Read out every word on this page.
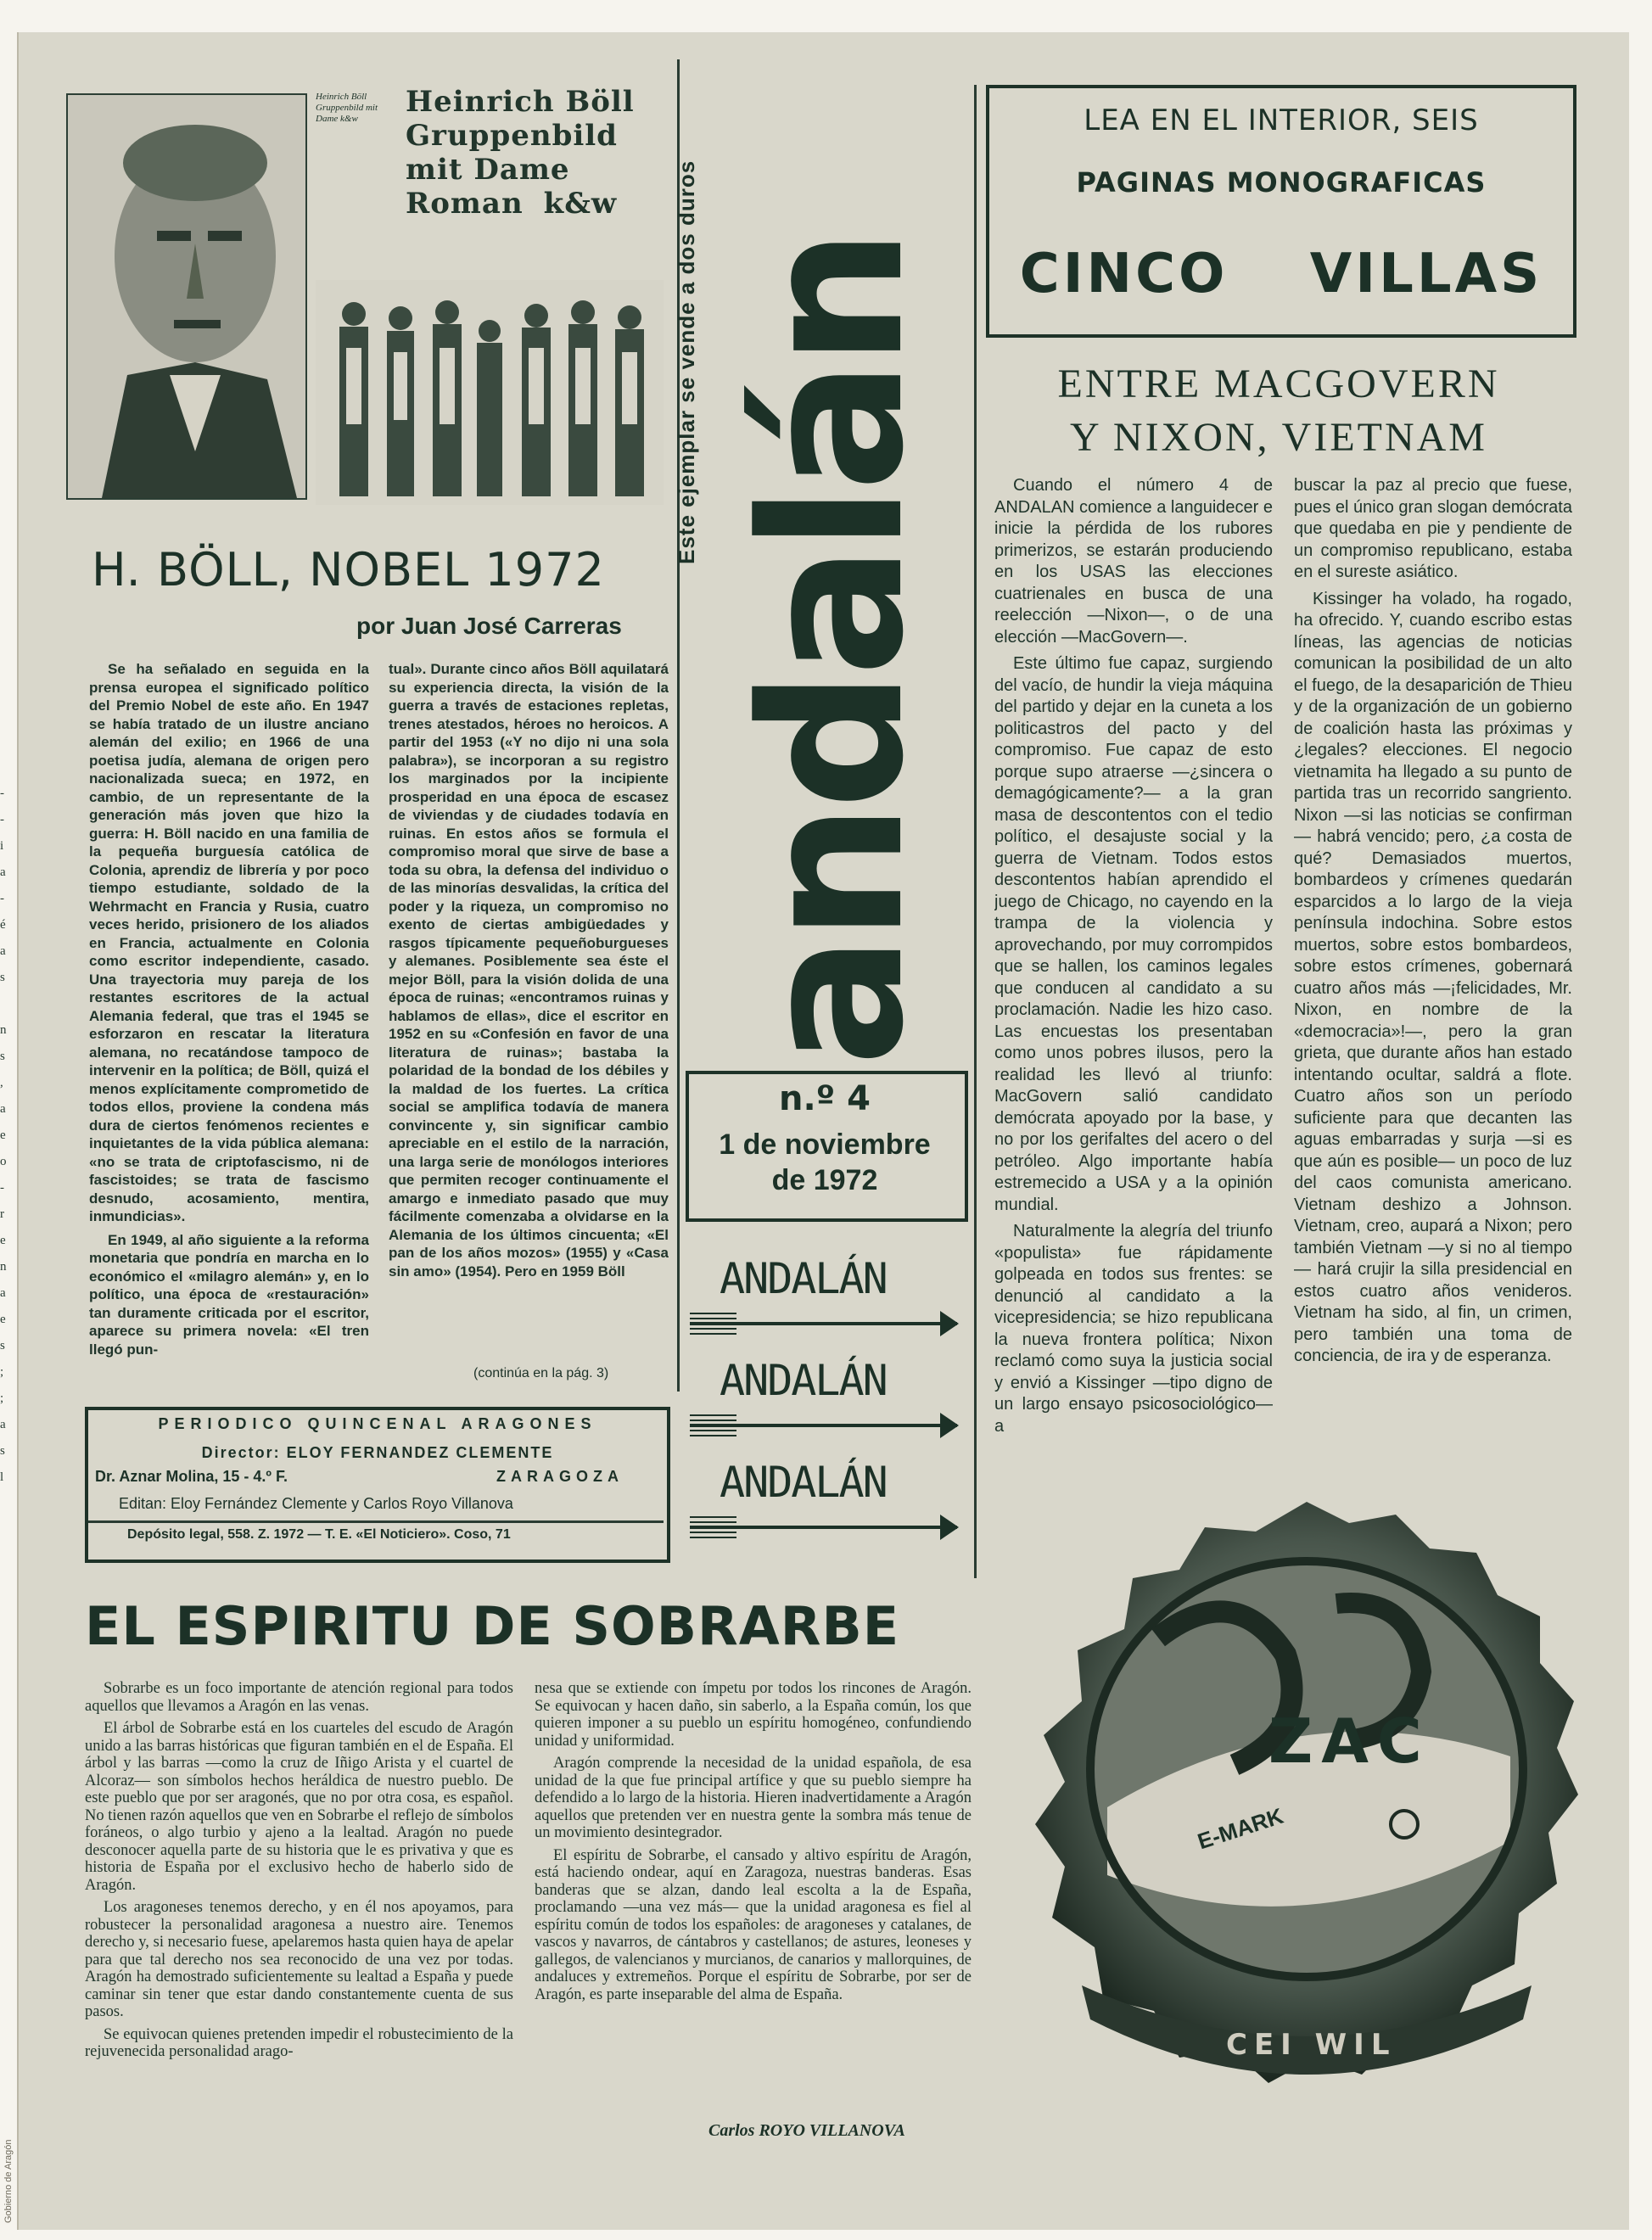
-
-
i
a
-
é
a
s

n
s
,
a
e
o
-
r
e
n
a
e
s
;
;
a
s
l
Gobierno de Aragón
Heinrich Böll Gruppenbild mit Dame k&w	Heinrich Böll
Gruppenbild
mit Dame
Roman k&w
H. BÖLL, NOBEL 1972
por Juan José Carreras

Se ha señalado en seguida en la prensa europea el significado político del Premio Nobel de este año. En 1947 se había tratado de un ilustre anciano alemán del exilio; en 1966 de una poetisa judía, alemana de origen pero nacionalizada sueca; en 1972, en cambio, de un representante de la generación más joven que hizo la guerra: H. Böll nacido en una familia de la pequeña burguesía católica de Colonia, aprendiz de librería y por poco tiempo estudiante, soldado de la Wehrmacht en Francia y Rusia, cuatro veces herido, prisionero de los aliados en Francia, actualmente en Colonia como escritor independiente, casado. Una trayectoria muy pareja de los restantes escritores de la actual Alemania federal, que tras el 1945 se esforzaron en rescatar la literatura alemana, no recatándose tampoco de intervenir en la política; de Böll, quizá el menos explícitamente comprometido de todos ellos, proviene la condena más dura de ciertos fenómenos recientes e inquietantes de la vida pública alemana: «no se trata de criptofascismo, ni de fascistoides; se trata de fascismo desnudo, acosamiento, mentira, inmundicias».

En 1949, al año siguiente a la reforma monetaria que pondría en marcha en lo económico el «milagro alemán» y, en lo político, una época de «restauración» tan duramente criticada por el escritor, aparece su primera novela: «El tren llegó pun-

tual». Durante cinco años Böll aquilatará su experiencia directa, la visión de la guerra a través de estaciones repletas, trenes atestados, héroes no heroicos. A partir del 1953 («Y no dijo ni una sola palabra»), se incorporan a su registro los marginados por la incipiente prosperidad en una época de escasez de viviendas y de ciudades todavía en ruinas. En estos años se formula el compromiso moral que sirve de base a toda su obra, la defensa del individuo o de las minorías desvalidas, la crítica del poder y la riqueza, un compromiso no exento de ciertas ambigüedades y rasgos típicamente pequeñoburgueses y alemanes. Posiblemente sea éste el mejor Böll, para la visión dolida de una época de ruinas; «encontramos ruinas y hablamos de ellas», dice el escritor en 1952 en su «Confesión en favor de una literatura de ruinas»; bastaba la polaridad de la bondad de los débiles y la maldad de los fuertes. La crítica social se amplifica todavía de manera convincente y, sin significar cambio apreciable en el estilo de la narración, una larga serie de monólogos interiores que permiten recoger continuamente el amargo e inmediato pasado que muy fácilmente comenzaba a olvidarse en la Alemania de los últimos cincuenta; «El pan de los años mozos» (1955) y «Casa sin amo» (1954). Pero en 1959 Böll

(continúa en la pág. 3)
PERIODICO QUINCENAL ARAGONES
Director: ELOY FERNANDEZ CLEMENTE
Dr. Aznar Molina, 15 - 4.º F.	ZARAGOZA
Editan: Eloy Fernández Clemente y Carlos Royo Villanova
Depósito legal, 558. Z. 1972 — T. E. «El Noticiero». Coso, 71
Este ejemplar se vende a dos duros andalán
n.º 4
1 de noviembre
de 1972
ANDALÁN
ANDALÁN
ANDALÁN
LEA EN EL INTERIOR, SEIS
PAGINAS MONOGRAFICAS
CINCO VILLAS
ENTRE MACGOVERN
Y NIXON, VIETNAM

Cuando el número 4 de ANDALAN comience a languidecer e inicie la pérdida de los rubores primerizos, se estarán produciendo en los USAS las elecciones cuatrienales en busca de una reelección —Nixon—, o de una elección —MacGovern—.

Este último fue capaz, surgiendo del vacío, de hundir la vieja máquina del partido y dejar en la cuneta a los politicastros del pacto y del compromiso. Fue capaz de esto porque supo atraerse —¿sincera o demagógicamente?— a la gran masa de descontentos con el tedio político, el desajuste social y la guerra de Vietnam. Todos estos descontentos habían aprendido el juego de Chicago, no cayendo en la trampa de la violencia y aprovechando, por muy corrompidos que se hallen, los caminos legales que conducen al candidato a su proclamación. Nadie les hizo caso. Las encuestas los presentaban como unos pobres ilusos, pero la realidad les llevó al triunfo: MacGovern salió candidato demócrata apoyado por la base, y no por los gerifaltes del acero o del petróleo. Algo importante había estremecido a USA y a la opinión mundial.

Naturalmente la alegría del triunfo «populista» fue rápidamente golpeada en todos sus frentes: se denunció al candidato a la vicepresidencia; se hizo republicana la nueva frontera política; Nixon reclamó como suya la justicia social y envió a Kissinger —tipo digno de un largo ensayo psicosociológico— a

buscar la paz al precio que fuese, pues el único gran slogan demócrata que quedaba en pie y pendiente de un compromiso republicano, estaba en el sureste asiático.

Kissinger ha volado, ha rogado, ha ofrecido. Y, cuando escribo estas líneas, las agencias de noticias comunican la posibilidad de un alto el fuego, de la desaparición de Thieu y de la organización de un gobierno de coalición hasta las próximas y ¿legales? elecciones. El negocio vietnamita ha llegado a su punto de partida tras un recorrido sangriento. Nixon —si las noticias se confirman— habrá vencido; pero, ¿a costa de qué? Demasiados muertos, bombardeos y crímenes quedarán esparcidos a lo largo de la vieja península indochina. Sobre estos muertos, sobre estos bombardeos, sobre estos crímenes, gobernará cuatro años más —¡felicidades, Mr. Nixon, en nombre de la «democracia»!—, pero la gran grieta, que durante años han estado intentando ocultar, saldrá a flote. Cuatro años son un período suficiente para que decanten las aguas embarradas y surja —si es que aún es posible— un poco de luz del caos comunista americano. Vietnam deshizo a Johnson. Vietnam, creo, aupará a Nixon; pero también Vietnam —y si no al tiempo— hará crujir la silla presidencial en estos cuatro años venideros. Vietnam ha sido, al fin, un crimen, pero también una toma de conciencia, de ira y de esperanza.

ZAC
E-MARK
CEI WIL
EL ESPIRITU DE SOBRARBE

Sobrarbe es un foco importante de atención regional para todos aquellos que llevamos a Aragón en las venas.

El árbol de Sobrarbe está en los cuarteles del escudo de Aragón unido a las barras históricas que figuran también en el de España. El árbol y las barras —como la cruz de Iñigo Arista y el cuartel de Alcoraz— son símbolos hechos heráldica de nuestro pueblo. De este pueblo que por ser aragonés, que no por otra cosa, es español. No tienen razón aquellos que ven en Sobrarbe el reflejo de símbolos foráneos, o algo turbio y ajeno a la lealtad. Aragón no puede desconocer aquella parte de su historia que le es privativa y que es historia de España por el exclusivo hecho de haberlo sido de Aragón.

Los aragoneses tenemos derecho, y en él nos apoyamos, para robustecer la personalidad aragonesa a nuestro aire. Tenemos derecho y, si necesario fuese, apelaremos hasta quien haya de apelar para que tal derecho nos sea reconocido de una vez por todas. Aragón ha demostrado suficientemente su lealtad a España y puede caminar sin tener que estar dando constantemente cuenta de sus pasos.

Se equivocan quienes pretenden impedir el robustecimiento de la rejuvenecida personalidad arago-

nesa que se extiende con ímpetu por todos los rincones de Aragón. Se equivocan y hacen daño, sin saberlo, a la España común, los que quieren imponer a su pueblo un espíritu homogéneo, confundiendo unidad y uniformidad.

Aragón comprende la necesidad de la unidad española, de esa unidad de la que fue principal artífice y que su pueblo siempre ha defendido a lo largo de la historia. Hieren inadvertidamente a Aragón aquellos que pretenden ver en nuestra gente la sombra más tenue de un movimiento desintegrador.

El espíritu de Sobrarbe, el cansado y altivo espíritu de Aragón, está haciendo ondear, aquí en Zaragoza, nuestras banderas. Esas banderas que se alzan, dando leal escolta a la de España, proclamando —una vez más— que la unidad aragonesa es fiel al espíritu común de todos los españoles: de aragoneses y catalanes, de vascos y navarros, de cántabros y castellanos; de astures, leoneses y gallegos, de valencianos y murcianos, de canarios y mallorquines, de andaluces y extremeños. Porque el espíritu de Sobrarbe, por ser de Aragón, es parte inseparable del alma de España.

Carlos ROYO VILLANOVA
